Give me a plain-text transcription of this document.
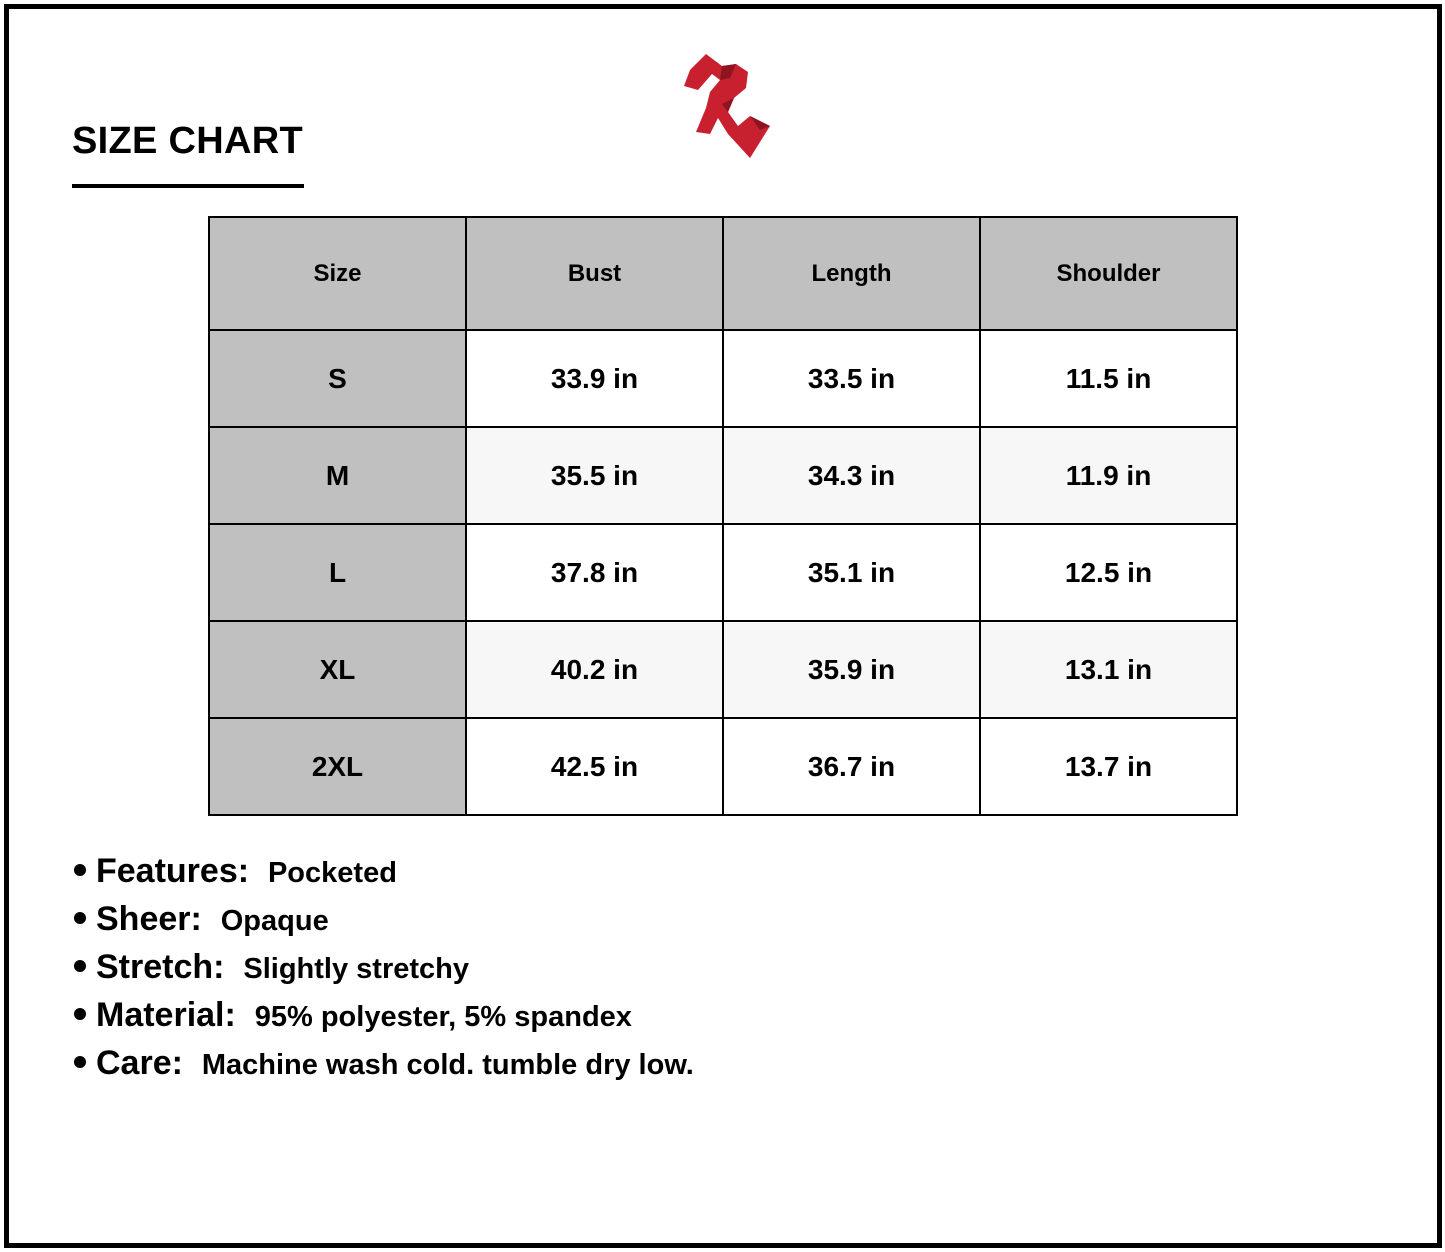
SIZE CHART
Size	Bust	Length	Shoulder
S	33.9 in	33.5 in	11.5 in
M	35.5 in	34.3 in	11.9 in
L	37.8 in	35.1 in	12.5 in
XL	40.2 in	35.9 in	13.1 in
2XL	42.5 in	36.7 in	13.7 in
Features: Pocketed
Sheer: Opaque
Stretch: Slightly stretchy
Material: 95% polyester, 5% spandex
Care: Machine wash cold. tumble dry low.
